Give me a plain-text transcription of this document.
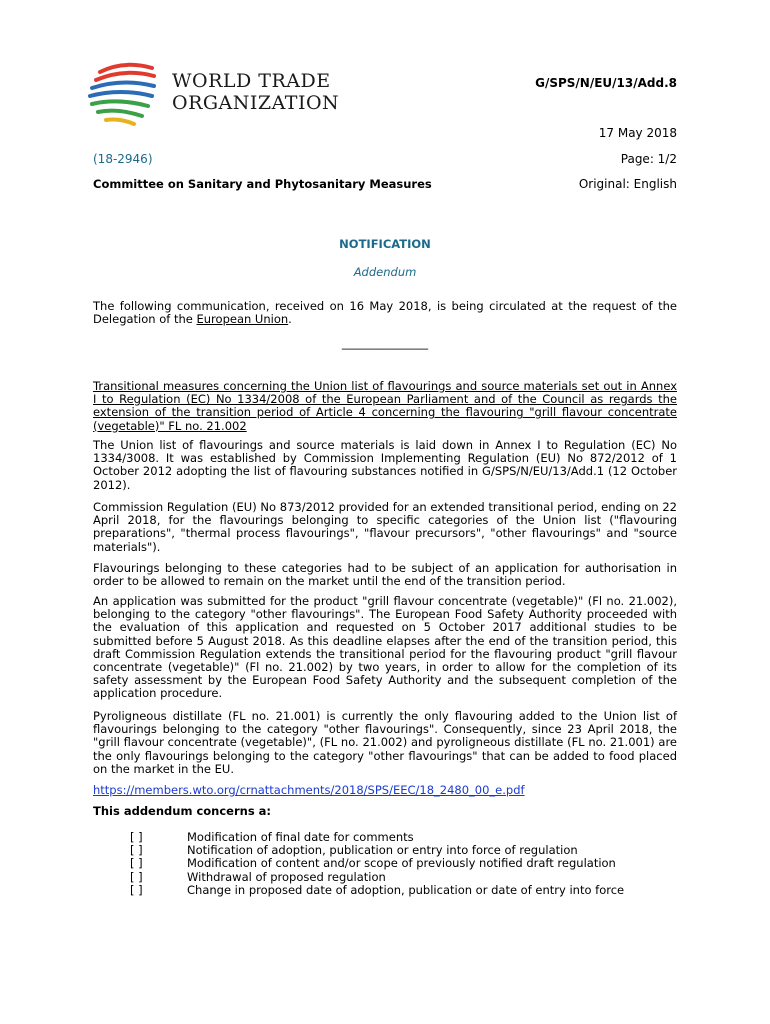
WORLD TRADE
ORGANIZATION
G/SPS/N/EU/13/Add.8
17 May 2018
(18-2946)	Page: 1/2
Committee on Sanitary and Phytosanitary Measures	Original: English
NOTIFICATION
Addendum
The following communication, received on 16 May 2018, is being circulated at the request of the Delegation of the European Union.
_______________
Transitional measures concerning the Union list of flavourings and source materials set out in Annex I to Regulation (EC) No 1334/2008 of the European Parliament and of the Council as regards the extension of the transition period of Article 4 concerning the flavouring "grill flavour concentrate (vegetable)" FL no. 21.002
The Union list of flavourings and source materials is laid down in Annex I to Regulation (EC) No 1334/3008. It was established by Commission Implementing Regulation (EU) No 872/2012 of 1 October 2012 adopting the list of flavouring substances notified in G/SPS/N/EU/13/Add.1 (12 October 2012).
Commission Regulation (EU) No 873/2012 provided for an extended transitional period, ending on 22 April 2018, for the flavourings belonging to specific categories of the Union list ("flavouring preparations", "thermal process flavourings", "flavour precursors", "other flavourings" and "source materials").
Flavourings belonging to these categories had to be subject of an application for authorisation in order to be allowed to remain on the market until the end of the transition period.
An application was submitted for the product "grill flavour concentrate (vegetable)" (Fl no. 21.002), belonging to the category "other flavourings". The European Food Safety Authority proceeded with the evaluation of this application and requested on 5 October 2017 additional studies to be submitted before 5 August 2018. As this deadline elapses after the end of the transition period, this draft Commission Regulation extends the transitional period for the flavouring product "grill flavour concentrate (vegetable)" (Fl no. 21.002) by two years, in order to allow for the completion of its safety assessment by the European Food Safety Authority and the subsequent completion of the application procedure.
Pyroligneous distillate (FL no. 21.001) is currently the only flavouring added to the Union list of flavourings belonging to the category "other flavourings". Consequently, since 23 April 2018, the "grill flavour concentrate (vegetable)", (FL no. 21.002) and pyroligneous distillate (FL no. 21.001) are the only flavourings belonging to the category "other flavourings" that can be added to food placed on the market in the EU.
https://members.wto.org/crnattachments/2018/SPS/EEC/18_2480_00_e.pdf
This addendum concerns a:
[ ]	Modification of final date for comments
[ ]	Notification of adoption, publication or entry into force of regulation
[ ]	Modification of content and/or scope of previously notified draft regulation
[ ]	Withdrawal of proposed regulation
[ ]	Change in proposed date of adoption, publication or date of entry into force
